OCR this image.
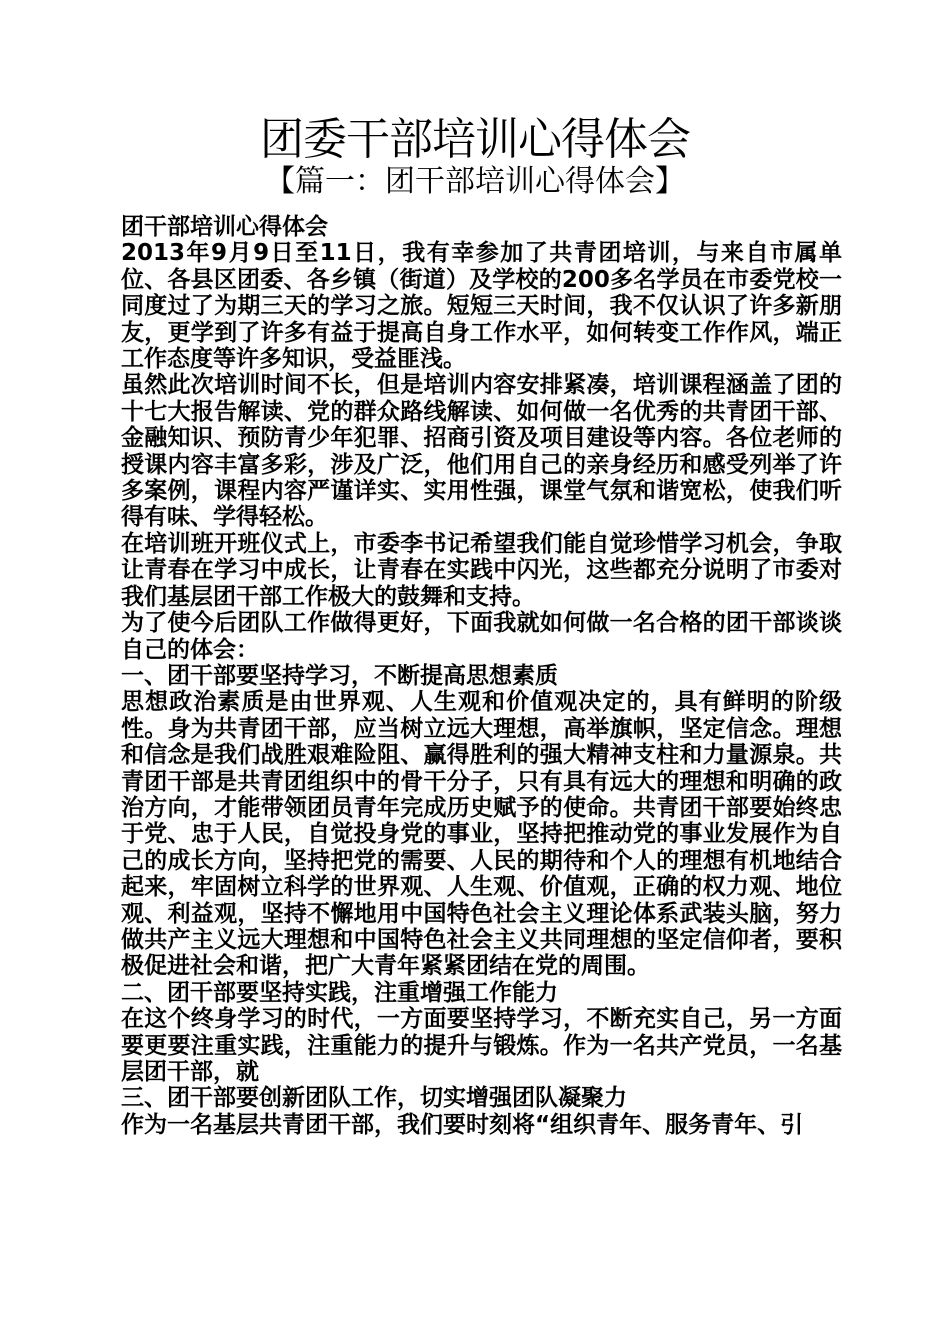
团委干部培训心得体会
【篇一：团干部培训心得体会】

团干部培训心得体会

2013年9月9日至11日，我有幸参加了共青团培训，与来自市属单位、各县区团委、各乡镇（街道）及学校的200多名学员在市委党校一同度过了为期三天的学习之旅。短短三天时间，我不仅认识了许多新朋友，更学到了许多有益于提高自身工作水平，如何转变工作作风，端正工作态度等许多知识，受益匪浅。

虽然此次培训时间不长，但是培训内容安排紧凑，培训课程涵盖了团的十七大报告解读、党的群众路线解读、如何做一名优秀的共青团干部、金融知识、预防青少年犯罪、招商引资及项目建设等内容。各位老师的授课内容丰富多彩，涉及广泛，他们用自己的亲身经历和感受列举了许多案例，课程内容严谨详实、实用性强，课堂气氛和谐宽松，使我们听得有味、学得轻松。

在培训班开班仪式上，市委李书记希望我们能自觉珍惜学习机会，争取让青春在学习中成长，让青春在实践中闪光，这些都充分说明了市委对我们基层团干部工作极大的鼓舞和支持。

为了使今后团队工作做得更好，下面我就如何做一名合格的团干部谈谈自己的体会：

一、团干部要坚持学习，不断提高思想素质

思想政治素质是由世界观、人生观和价值观决定的，具有鲜明的阶级性。身为共青团干部，应当树立远大理想，高举旗帜，坚定信念。理想和信念是我们战胜艰难险阻、赢得胜利的强大精神支柱和力量源泉。共青团干部是共青团组织中的骨干分子，只有具有远大的理想和明确的政治方向，才能带领团员青年完成历史赋予的使命。共青团干部要始终忠于党、忠于人民，自觉投身党的事业，坚持把推动党的事业发展作为自己的成长方向，坚持把党的需要、人民的期待和个人的理想有机地结合起来，牢固树立科学的世界观、人生观、价值观，正确的权力观、地位观、利益观，坚持不懈地用中国特色社会主义理论体系武装头脑，努力做共产主义远大理想和中国特色社会主义共同理想的坚定信仰者，要积极促进社会和谐，把广大青年紧紧团结在党的周围。

二、团干部要坚持实践，注重增强工作能力

在这个终身学习的时代，一方面要坚持学习，不断充实自己，另一方面要更要注重实践，注重能力的提升与锻炼。作为一名共产党员，一名基层团干部，就

三、团干部要创新团队工作，切实增强团队凝聚力

作为一名基层共青团干部，我们要时刻将“组织青年、服务青年、引
